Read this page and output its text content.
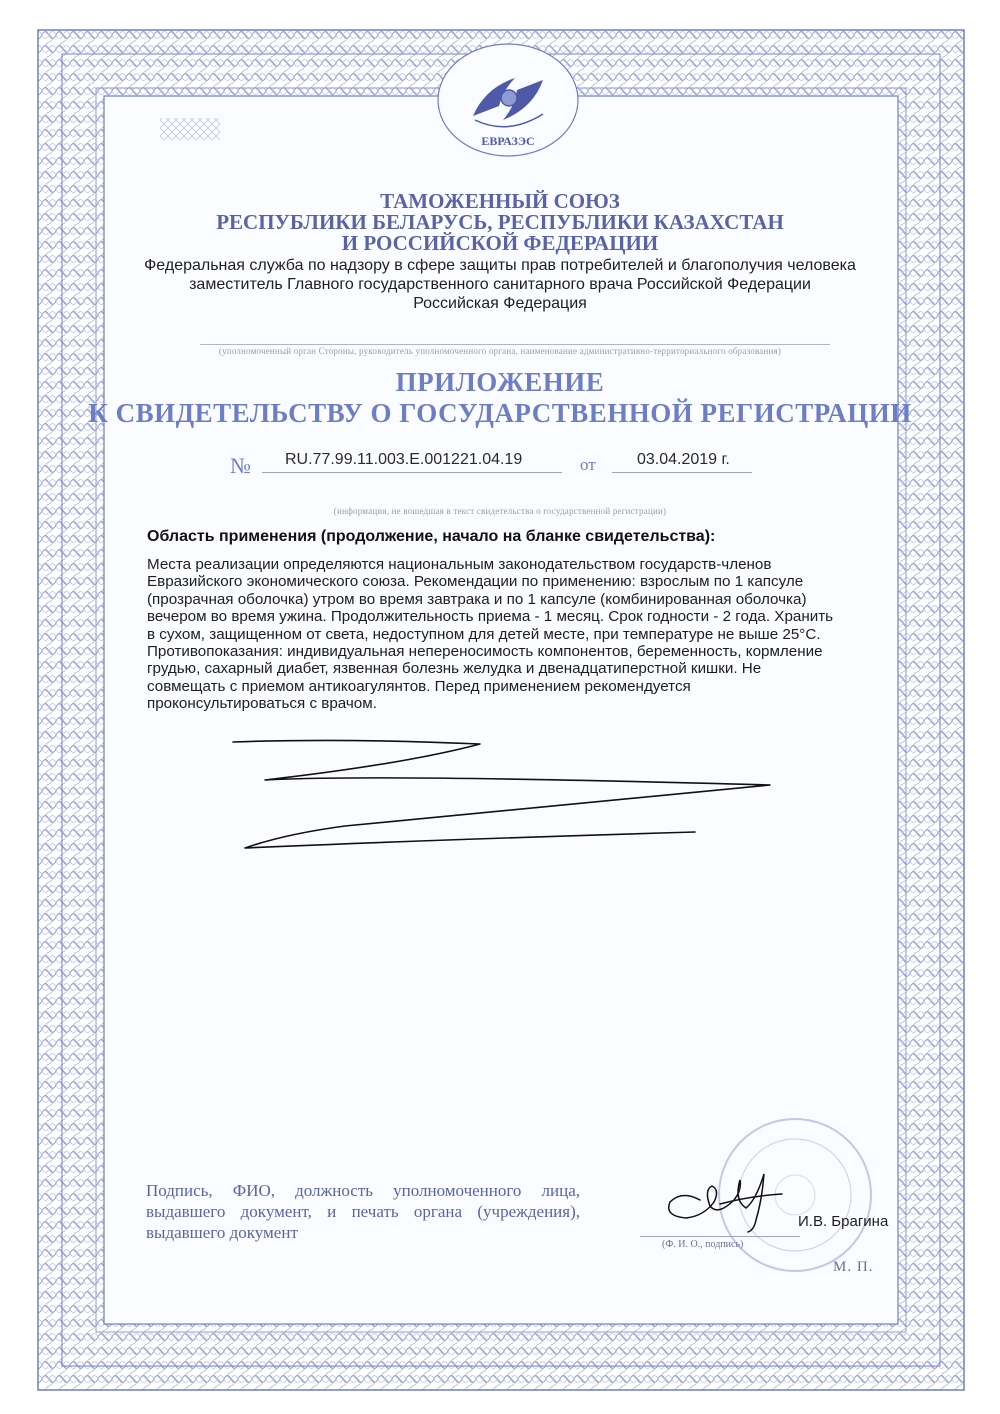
ЕВРАЗЭС
ТАМОЖЕННЫЙ СОЮЗ
РЕСПУБЛИКИ БЕЛАРУСЬ, РЕСПУБЛИКИ КАЗАХСТАН
И РОССИЙСКОЙ ФЕДЕРАЦИИ
Федеральная служба по надзору в сфере защиты прав потребителей и благополучия человека
заместитель Главного государственного санитарного врача Российской Федерации
Российская Федерация
(уполномоченный орган Стороны, руководитель уполномоченного органа, наименование административно-территориального образования)
ПРИЛОЖЕНИЕ
К СВИДЕТЕЛЬСТВУ О ГОСУДАРСТВЕННОЙ РЕГИСТРАЦИИ
№ RU.77.99.11.003.E.001221.04.19	от	03.04.2019 г.
(информация, не вошедшая в текст свидетельства о государственной регистрации)
Область применения (продолжение, начало на бланке свидетельства):
Места реализации определяются национальным законодательством государств-членов
Евразийского экономического союза. Рекомендации по применению: взрослым по 1 капсуле
(прозрачная оболочка) утром во время завтрака и по 1 капсуле (комбинированная оболочка)
вечером во время ужина. Продолжительность приема - 1 месяц. Срок годности - 2 года. Хранить
в сухом, защищенном от света, недоступном для детей месте, при температуре не выше 25°С.
Противопоказания: индивидуальная непереносимость компонентов, беременность, кормление
грудью, сахарный диабет, язвенная болезнь желудка и двенадцатиперстной кишки. Не
совмещать с приемом антикоагулянтов. Перед применением рекомендуется
проконсультироваться с врачом.
Подпись, ФИО, должность уполномоченного лица, выдавшего документ, и печать органа (учреждения), выдавшего документ
И.В. Брагина
(Ф. И. О., подпись)
М. П.
